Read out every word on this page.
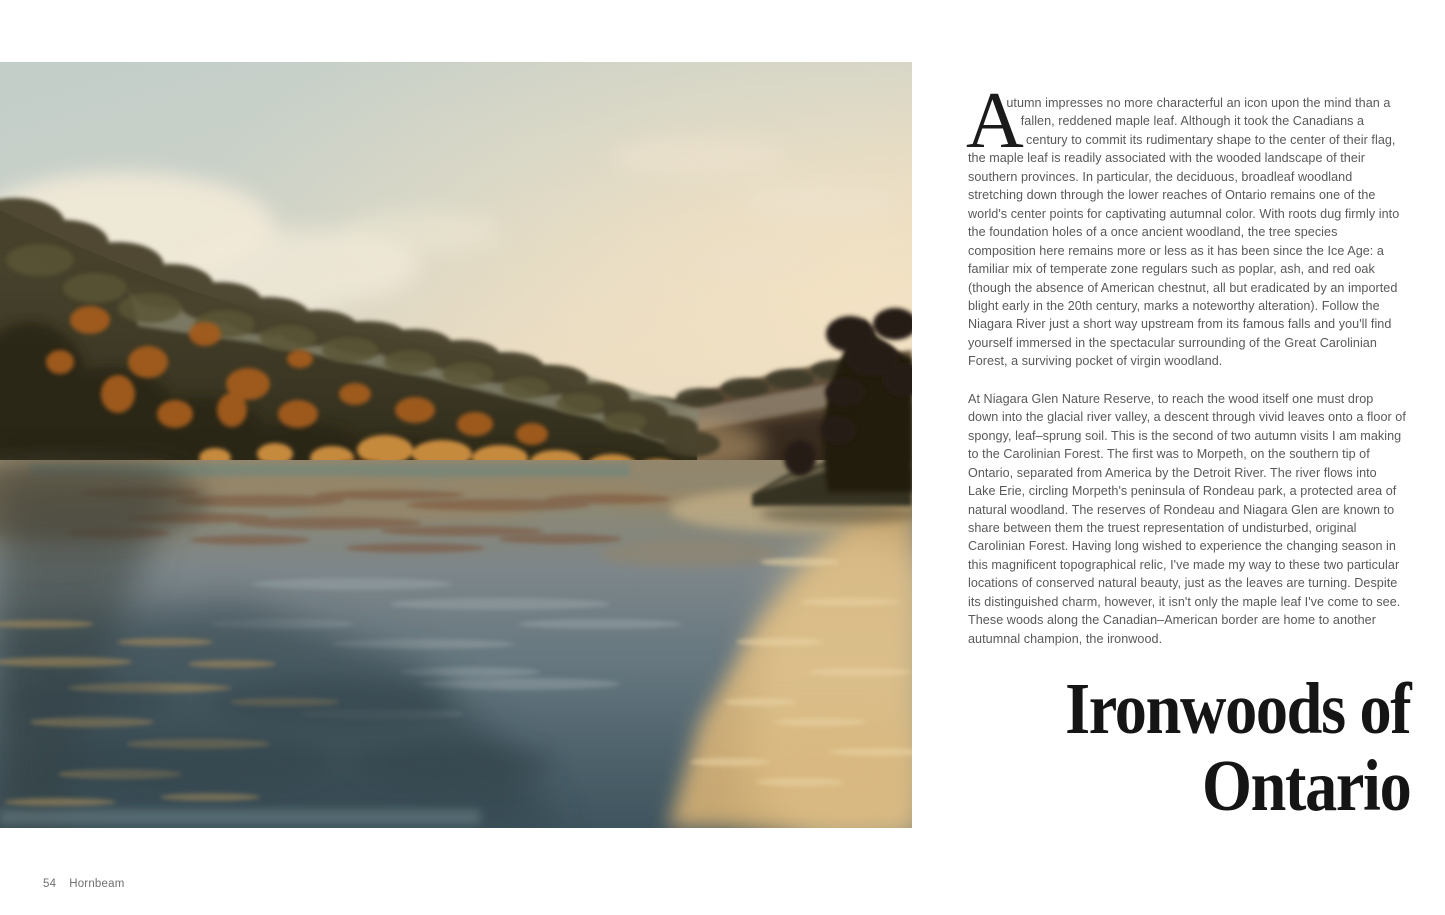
A
utumn impresses no more characterful an icon upon the mind than a fallen, reddened maple leaf. Although it took the Canadians a century to commit its rudimentary shape to the center of their flag, the maple leaf is readily associated with the wooded landscape of their southern provinces. In particular, the deciduous, broadleaf woodland stretching down through the lower reaches of Ontario remains one of the world's center points for captivating autumnal color. With roots dug firmly into the foundation holes of a once ancient woodland, the tree species composition here remains more or less as it has been since the Ice Age: a familiar mix of temperate zone regulars such as poplar, ash, and red oak (though the absence of American chestnut, all but eradicated by an imported blight early in the 20th century, marks a noteworthy alteration). Follow the Niagara River just a short way upstream from its famous falls and you'll find yourself immersed in the spectacular surrounding of the Great Carolinian Forest, a surviving pocket of virgin woodland.

At Niagara Glen Nature Reserve, to reach the wood itself one must drop down into the glacial river valley, a descent through vivid leaves onto a floor of spongy, leaf–sprung soil. This is the second of two autumn visits I am making to the Carolinian Forest. The first was to Morpeth, on the southern tip of Ontario, separated from America by the Detroit River. The river flows into Lake Erie, circling Morpeth's peninsula of Rondeau park, a protected area of natural woodland. The reserves of Rondeau and Niagara Glen are known to share between them the truest representation of undisturbed, original Carolinian Forest. Having long wished to experience the changing season in this magnificent topographical relic, I've made my way to these two particular locations of conserved natural beauty, just as the leaves are turning. Despite its distinguished charm, however, it isn't only the maple leaf I've come to see. These woods along the Canadian–American border are home to another autumnal champion, the ironwood.

Ironwoods of
Ontario
54 Hornbeam
